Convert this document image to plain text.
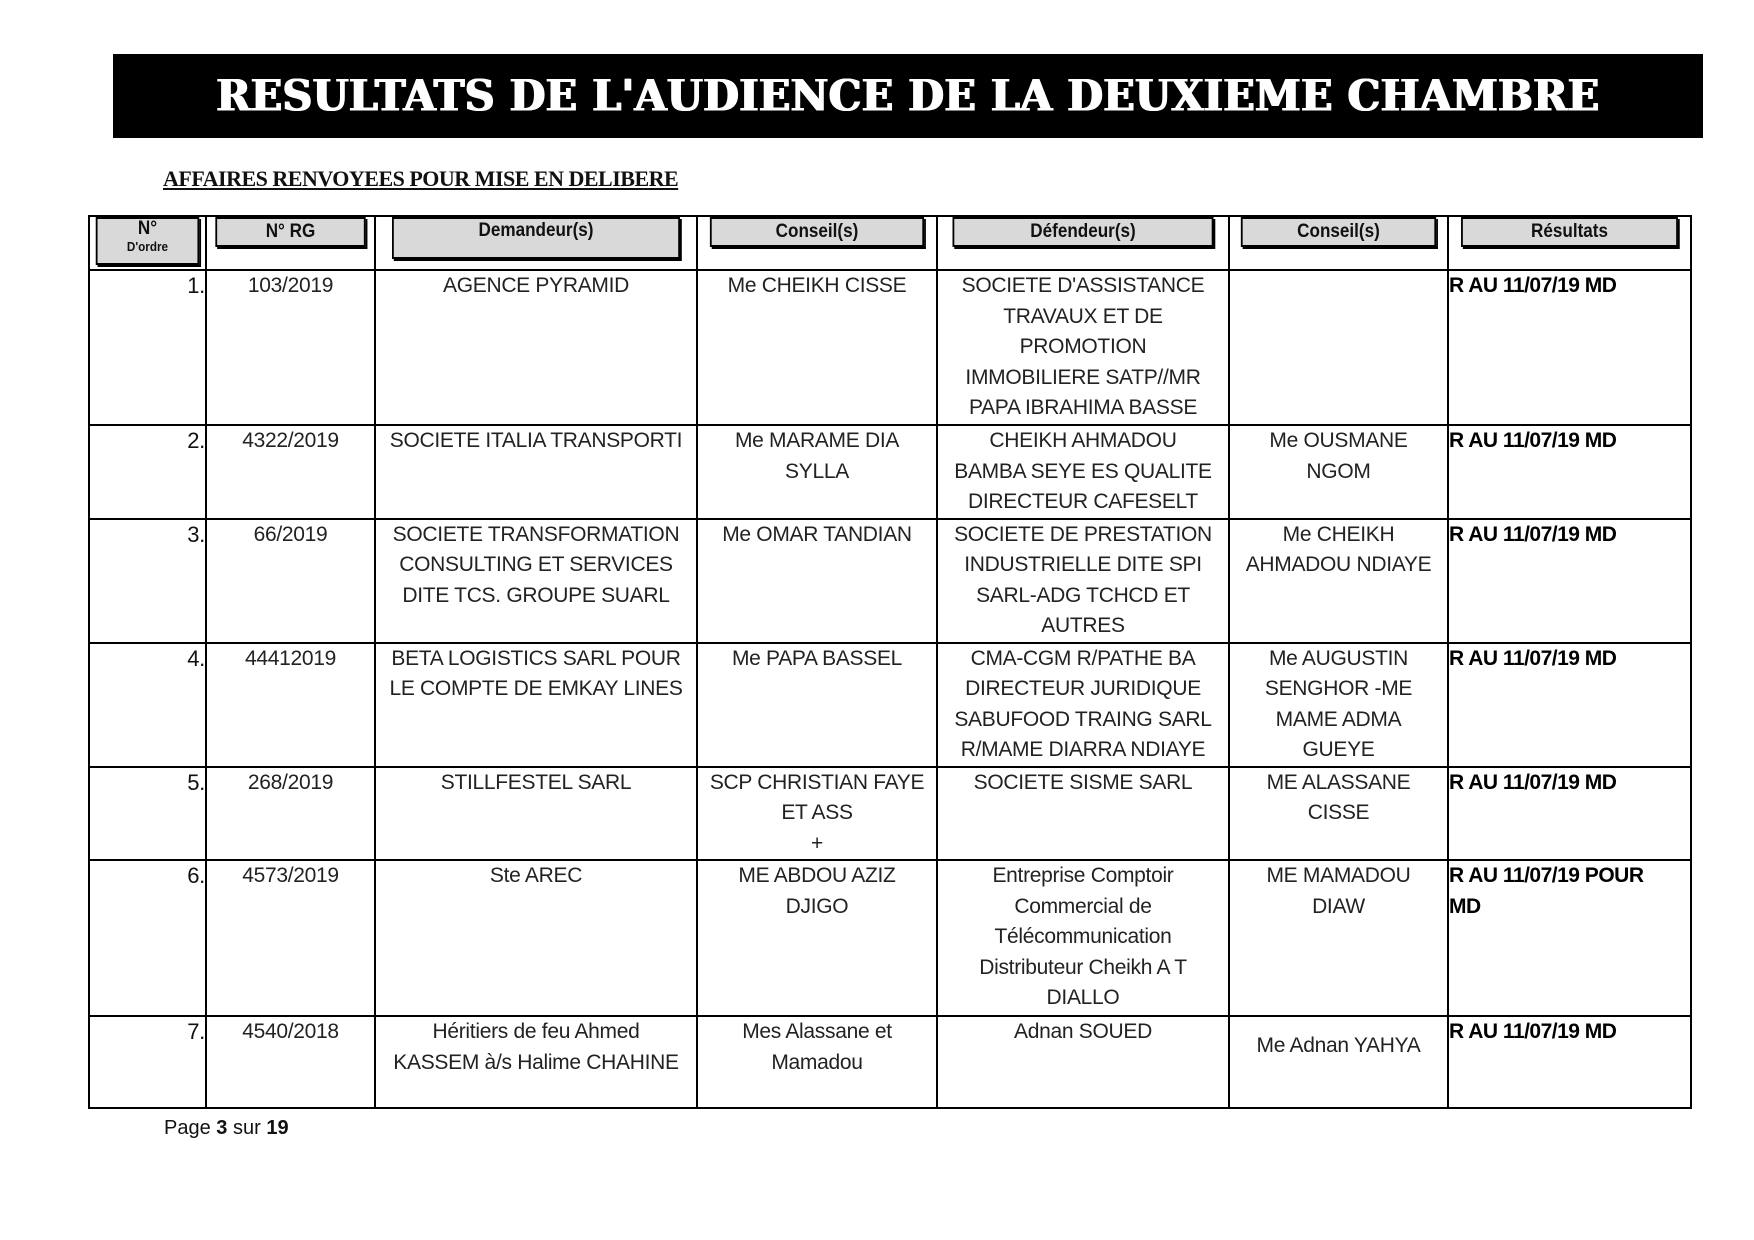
RESULTATS DE L'AUDIENCE DE LA DEUXIEME CHAMBRE
AFFAIRES RENVOYEES POUR MISE EN DELIBERE
N°
D'ordre	N° RG	Demandeur(s)	Conseil(s)	Défendeur(s)	Conseil(s)	Résultats

1.	103/2019	AGENCE PYRAMID	Me CHEIKH CISSE	SOCIETE D'ASSISTANCE
TRAVAUX ET DE
PROMOTION
IMMOBILIERE SATP//MR
PAPA IBRAHIMA BASSE		R AU 11/07/19 MD

2.	4322/2019	SOCIETE ITALIA TRANSPORTI	Me MARAME DIA
SYLLA	CHEIKH AHMADOU
BAMBA SEYE ES QUALITE
DIRECTEUR CAFESELT	Me OUSMANE
NGOM	R AU 11/07/19 MD

3.	66/2019	SOCIETE TRANSFORMATION
CONSULTING ET SERVICES
DITE TCS. GROUPE SUARL	Me OMAR TANDIAN	SOCIETE DE PRESTATION
INDUSTRIELLE DITE SPI
SARL-ADG TCHCD ET
AUTRES	Me CHEIKH
AHMADOU NDIAYE	R AU 11/07/19 MD

4.	44412019	BETA LOGISTICS SARL POUR
LE COMPTE DE EMKAY LINES	Me PAPA BASSEL	CMA-CGM R/PATHE BA
DIRECTEUR JURIDIQUE
SABUFOOD TRAING SARL
R/MAME DIARRA NDIAYE	Me AUGUSTIN
SENGHOR -ME
MAME ADMA
GUEYE	R AU 11/07/19 MD

5.	268/2019	STILLFESTEL SARL	SCP CHRISTIAN FAYE
ET ASS
+	SOCIETE SISME SARL	ME ALASSANE
CISSE	R AU 11/07/19 MD

6.	4573/2019	Ste AREC	ME ABDOU AZIZ
DJIGO	Entreprise Comptoir
Commercial de
Télécommunication
Distributeur Cheikh A T
DIALLO	ME MAMADOU
DIAW	R AU 11/07/19 POUR
MD

7.	4540/2018	Héritiers de feu Ahmed
KASSEM à/s Halime CHAHINE	Mes Alassane et
Mamadou	Adnan SOUED	Me Adnan YAHYA	R AU 11/07/19 MD
Page 3 sur 19
